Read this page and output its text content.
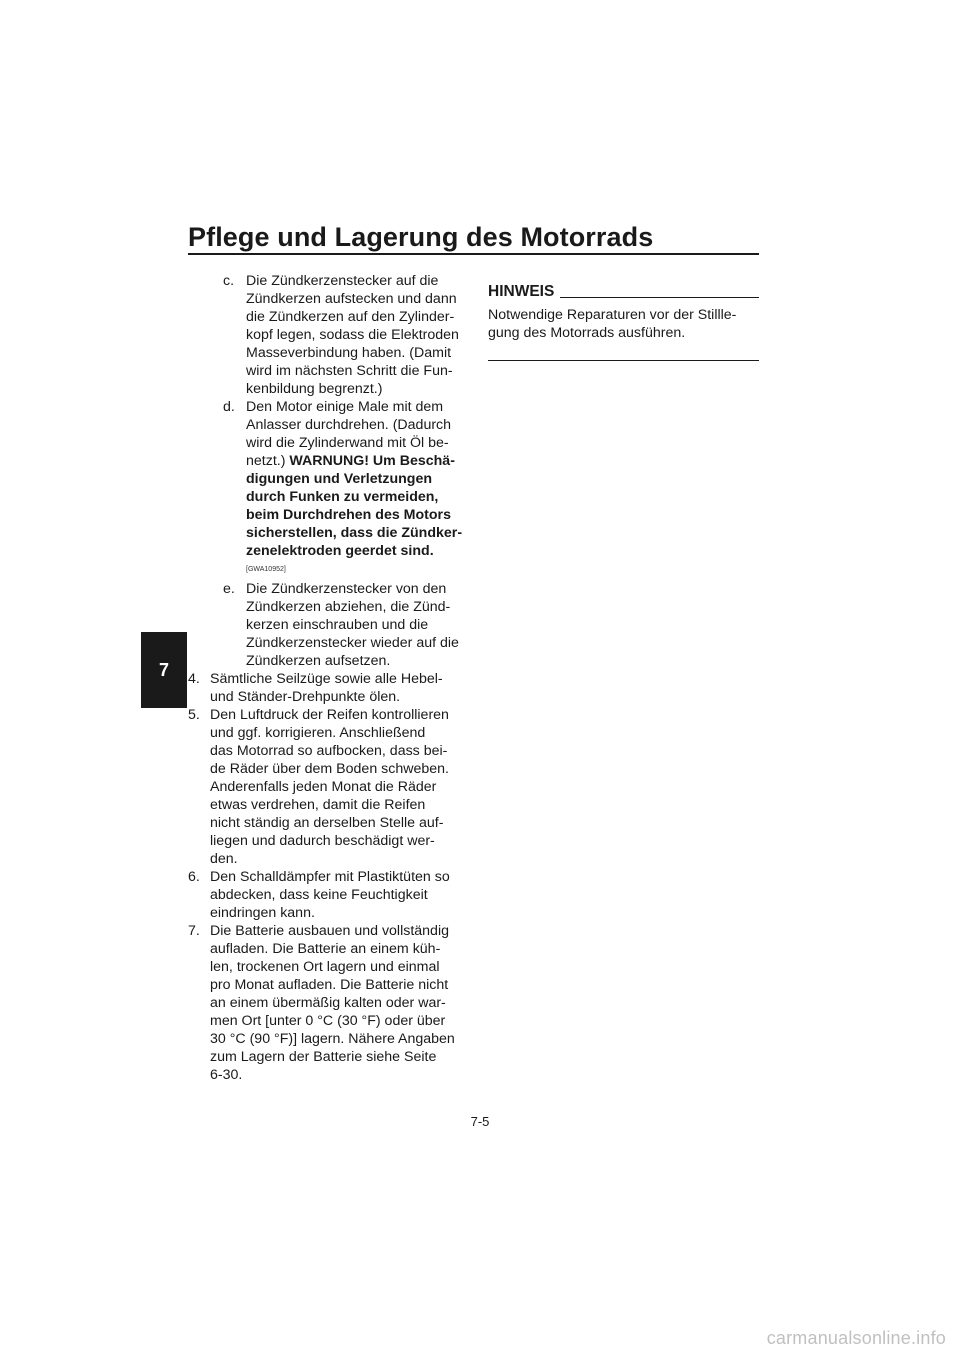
Pflege und Lagerung des Motorrads
7
c. Die Zündkerzenstecker auf die
Zündkerzen aufstecken und dann
die Zündkerzen auf den Zylinder-
kopf legen, sodass die Elektroden
Masseverbindung haben. (Damit
wird im nächsten Schritt die Fun-
kenbildung begrenzt.)
d. Den Motor einige Male mit dem
Anlasser durchdrehen. (Dadurch
wird die Zylinderwand mit Öl be-
netzt.) WARNUNG! Um Beschä-
digungen und Verletzungen
durch Funken zu vermeiden,
beim Durchdrehen des Motors
sicherstellen, dass die Zündker-
zenelektroden geerdet sind.
[GWA10952]
e. Die Zündkerzenstecker von den
Zündkerzen abziehen, die Zünd-
kerzen einschrauben und die
Zündkerzenstecker wieder auf die
Zündkerzen aufsetzen.
4. Sämtliche Seilzüge sowie alle Hebel-
und Ständer-Drehpunkte ölen.
5. Den Luftdruck der Reifen kontrollieren
und ggf. korrigieren. Anschließend
das Motorrad so aufbocken, dass bei-
de Räder über dem Boden schweben.
Anderenfalls jeden Monat die Räder
etwas verdrehen, damit die Reifen
nicht ständig an derselben Stelle auf-
liegen und dadurch beschädigt wer-
den.
6. Den Schalldämpfer mit Plastiktüten so
abdecken, dass keine Feuchtigkeit
eindringen kann.
7. Die Batterie ausbauen und vollständig
aufladen. Die Batterie an einem küh-
len, trockenen Ort lagern und einmal
pro Monat aufladen. Die Batterie nicht
an einem übermäßig kalten oder war-
men Ort [unter 0 °C (30 °F) oder über
30 °C (90 °F)] lagern. Nähere Angaben
zum Lagern der Batterie siehe Seite
6-30.
HINWEIS
Notwendige Reparaturen vor der Stillle-
gung des Motorrads ausführen.
7-5
carmanualsonline.info
